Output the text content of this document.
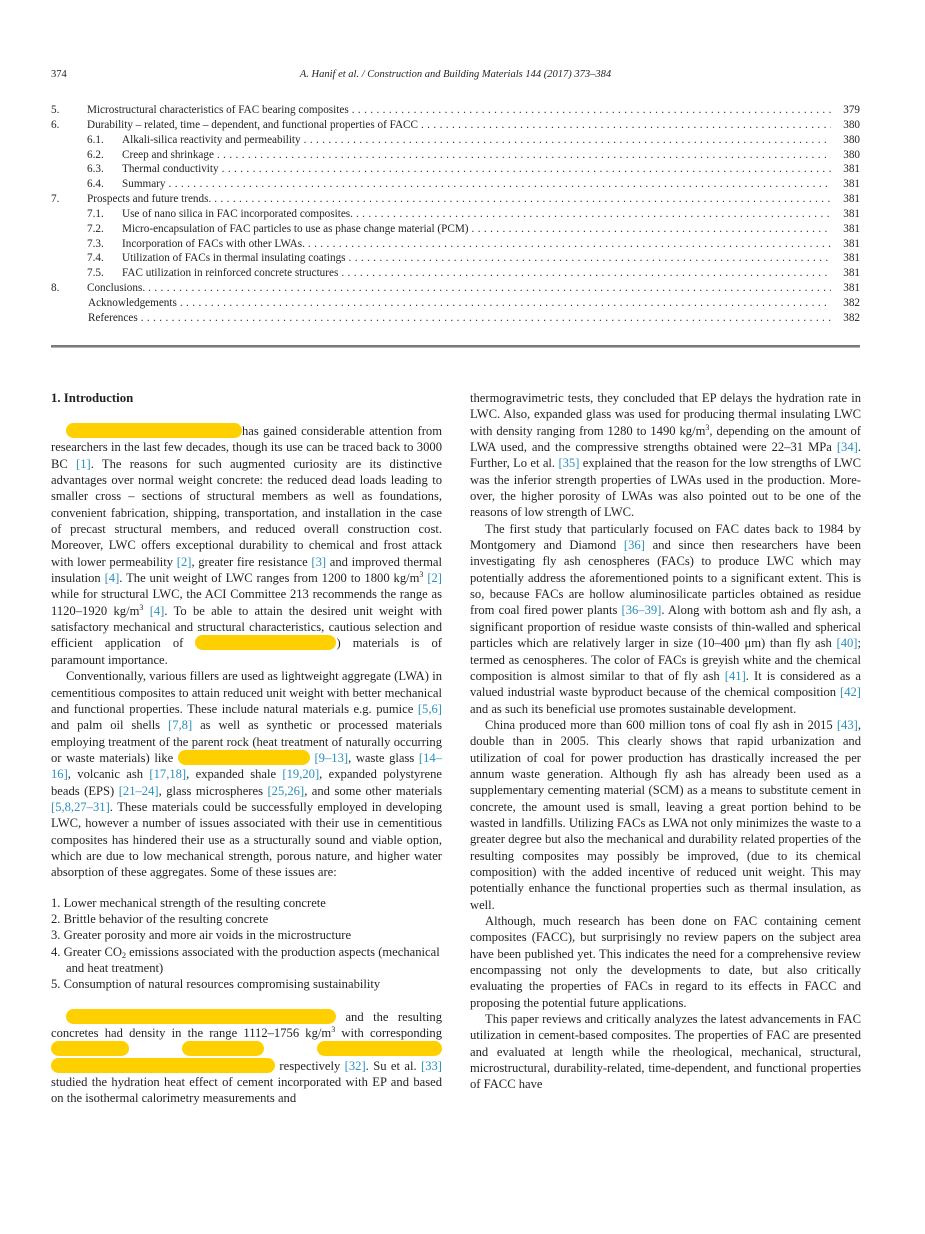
374	A. Hanif et al. / Construction and Building Materials 144 (2017) 373–384
5.	Microstructural characteristics of FAC bearing composites . . .	379
6.	Durability – related, time – dependent, and functional properties of FACC . . .	380
6.1.	Alkali-silica reactivity and permeability . . .	380
6.2.	Creep and shrinkage . . .	380
6.3.	Thermal conductivity . . .	381
6.4.	Summary . . .	381
7.	Prospects and future trends. . . .	381
7.1.	Use of nano silica in FAC incorporated composites. . . .	381
7.2.	Micro-encapsulation of FAC particles to use as phase change material (PCM) . . .	381
7.3.	Incorporation of FACs with other LWAs. . . .	381
7.4.	Utilization of FACs in thermal insulating coatings . . .	381
7.5.	FAC utilization in reinforced concrete structures . . .	381
8.	Conclusions. . . .	381
Acknowledgements . . .	382
References . . .	382
1. Introduction

has gained considerable attention from researchers in the last few decades, though its use can be traced back to 3000 BC [1]. The reasons for such augmented curiosity are its distinctive advantages over normal weight concrete: the reduced dead loads leading to smaller cross – sections of structural members as well as foundations, convenient fabrication, shipping, transportation, and installation in the case of precast structural members, and reduced overall construction cost. Moreover, LWC offers exceptional durability to chemical and frost attack with lower permeability [2], greater fire resistance [3] and improved thermal insulation [4]. The unit weight of LWC ranges from 1200 to 1800 $kg/m^3$ [2] while for structural LWC, the ACI Committee 213 recommends the range as 1120–1920 $kg/m^3$ [4]. To be able to attain the desired unit weight with satisfactory mechanical and structural characteristics, cautious selection and efficient application of	) materials is of paramount importance.

Conventionally, various fillers are used as lightweight aggregate (LWA) in cementitious composites to attain reduced unit weight with better mechanical and functional properties. These include natural materials e.g. pumice [5,6] and palm oil shells [7,8] as well as synthetic or processed materials employing treatment of the parent rock (heat treatment of naturally occurring or waste materials) like	[9–13], waste glass [14–16], volcanic ash [17,18], expanded shale [19,20], expanded polystyrene beads (EPS) [21–24], glass microspheres [25,26], and some other materials [5,8,27–31]. These materials could be successfully employed in developing LWC, however a number of issues associated with their use in cementitious composites has hindered their use as a structurally sound and viable option, which are due to low mechanical strength, porous nature, and higher water absorption of these aggregates. Some of these issues are:

1. Lower mechanical strength of the resulting concrete
2. Brittle behavior of the resulting concrete
3. Greater porosity and more air voids in the microstructure
4. Greater $CO_2$ emissions associated with the production aspects (mechanical and heat treatment)
5. Consumption of natural resources compromising sustainability

and the resulting concretes had density in the range 1112–1756 $kg/m^3$ with corresponding     respectively [32]. Su et al. [33] studied the hydration heat effect of cement incorporated with EP and based on the isothermal calorimetry measurements and

thermogravimetric tests, they concluded that EP delays the hydration rate in LWC. Also, expanded glass was used for producing thermal insulating LWC with density ranging from 1280 to 1490 $kg/m^3$, depending on the amount of LWA used, and the compressive strengths obtained were 22–31 MPa [34]. Further, Lo et al. [35] explained that the reason for the low strengths of LWC was the inferior strength properties of LWAs used in the production. Moreover, the higher porosity of LWAs was also pointed out to be one of the reasons of low strength of LWC.

The first study that particularly focused on FAC dates back to 1984 by Montgomery and Diamond [36] and since then researchers have been investigating fly ash cenospheres (FACs) to produce LWC which may potentially address the aforementioned points to a significant extent. This is so, because FACs are hollow aluminosilicate particles obtained as residue from coal fired power plants [36–39]. Along with bottom ash and fly ash, a significant proportion of residue waste consists of thin-walled and spherical particles which are relatively larger in size (10–400 μm) than fly ash [40]; termed as cenospheres. The color of FACs is greyish white and the chemical composition is almost similar to that of fly ash [41]. It is considered as a valued industrial waste byproduct because of the chemical composition [42] and as such its beneficial use promotes sustainable development.

China produced more than 600 million tons of coal fly ash in 2015 [43], double than in 2005. This clearly shows that rapid urbanization and utilization of coal for power production has drastically increased the per annum waste generation. Although fly ash has already been used as a supplementary cementing material (SCM) as a means to substitute cement in concrete, the amount used is small, leaving a great portion behind to be wasted in landfills. Utilizing FACs as LWA not only minimizes the waste to a greater degree but also the mechanical and durability related properties of the resulting composites may possibly be improved, (due to its chemical composition) with the added incentive of reduced unit weight. This may potentially enhance the functional properties such as thermal insulation, as well.

Although, much research has been done on FAC containing cement composites (FACC), but surprisingly no review papers on the subject area have been published yet. This indicates the need for a comprehensive review encompassing not only the developments to date, but also critically evaluating the properties of FACs in regard to its effects in FACC and proposing the potential future applications.

This paper reviews and critically analyzes the latest advancements in FAC utilization in cement-based composites. The properties of FAC are presented and evaluated at length while the rheological, mechanical, structural, microstructural, durability-related, time-dependent, and functional properties of FACC have
